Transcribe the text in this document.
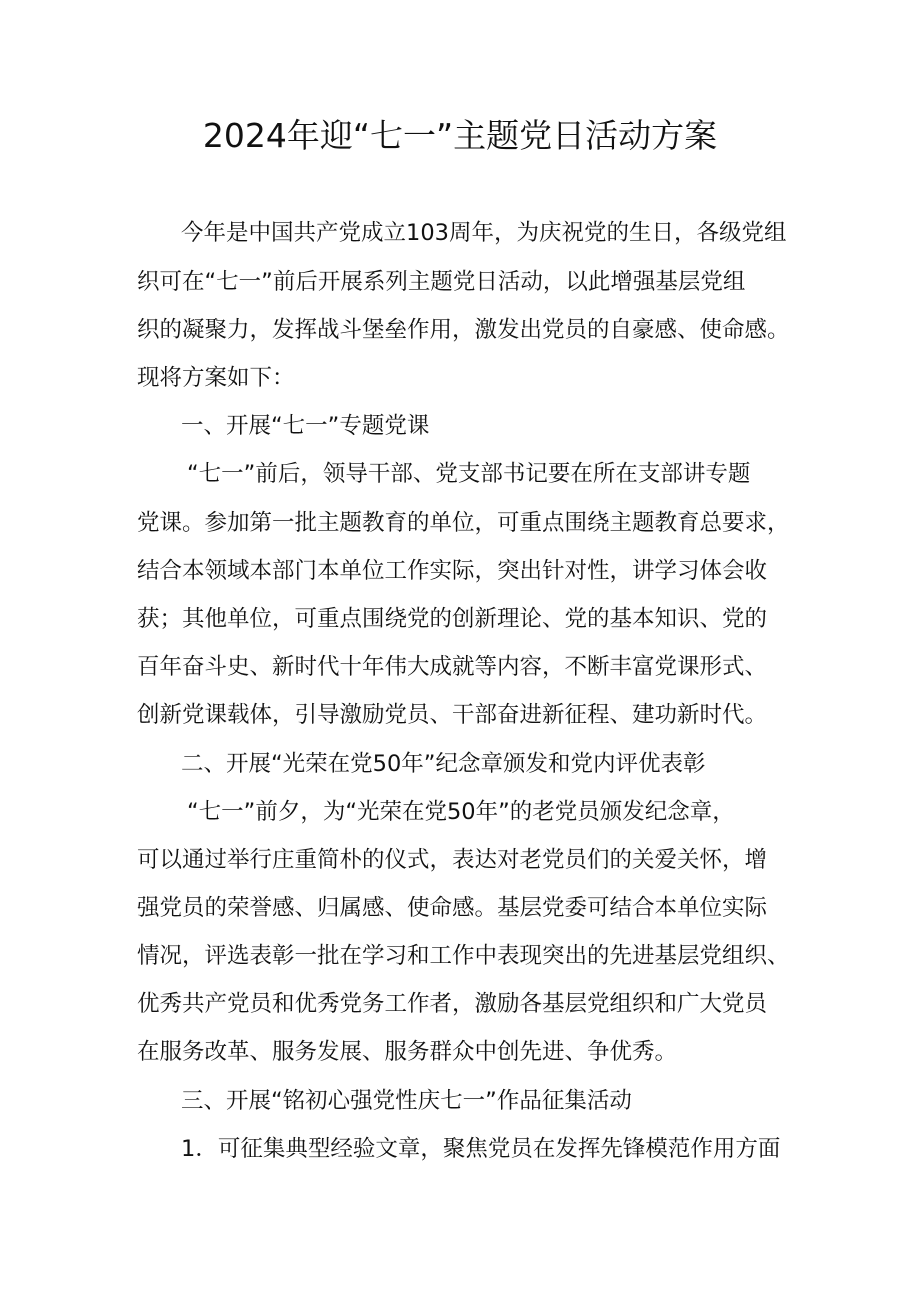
2024年迎“七一”主题党日活动方案

今年是中国共产党成立103周年，为庆祝党的生日，各级党组

织可在“七一”前后开展系列主题党日活动，以此增强基层党组

织的凝聚力，发挥战斗堡垒作用，激发出党员的自豪感、使命感。

现将方案如下：

一、开展“七一”专题党课

“七一”前后，领导干部、党支部书记要在所在支部讲专题

党课。参加第一批主题教育的单位，可重点围绕主题教育总要求，

结合本领域本部门本单位工作实际，突出针对性，讲学习体会收

获；其他单位，可重点围绕党的创新理论、党的基本知识、党的

百年奋斗史、新时代十年伟大成就等内容，不断丰富党课形式、

创新党课载体，引导激励党员、干部奋进新征程、建功新时代。

二、开展“光荣在党50年”纪念章颁发和党内评优表彰

“七一”前夕，为“光荣在党50年”的老党员颁发纪念章，

可以通过举行庄重简朴的仪式，表达对老党员们的关爱关怀，增

强党员的荣誉感、归属感、使命感。基层党委可结合本单位实际

情况，评选表彰一批在学习和工作中表现突出的先进基层党组织、

优秀共产党员和优秀党务工作者，激励各基层党组织和广大党员

在服务改革、服务发展、服务群众中创先进、争优秀。

三、开展“铭初心强党性庆七一”作品征集活动

1．可征集典型经验文章，聚焦党员在发挥先锋模范作用方面
